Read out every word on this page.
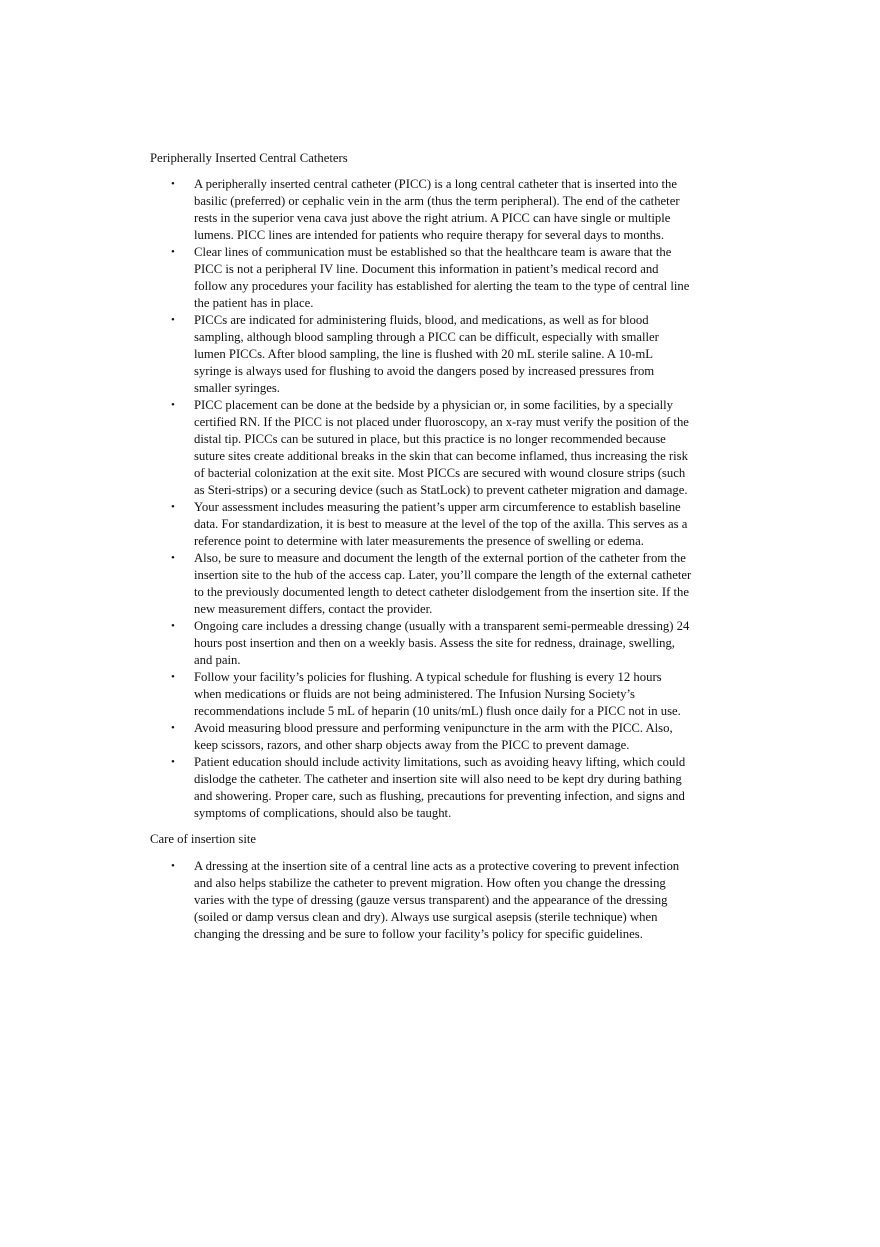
Peripherally Inserted Central Catheters
• A peripherally inserted central catheter (PICC) is a long central catheter that is inserted into the
basilic (preferred) or cephalic vein in the arm (thus the term peripheral). The end of the catheter
rests in the superior vena cava just above the right atrium. A PICC can have single or multiple
lumens. PICC lines are intended for patients who require therapy for several days to months.
• Clear lines of communication must be established so that the healthcare team is aware that the
PICC is not a peripheral IV line. Document this information in patient’s medical record and
follow any procedures your facility has established for alerting the team to the type of central line
the patient has in place.
• PICCs are indicated for administering fluids, blood, and medications, as well as for blood
sampling, although blood sampling through a PICC can be difficult, especially with smaller
lumen PICCs. After blood sampling, the line is flushed with 20 mL sterile saline. A 10-mL
syringe is always used for flushing to avoid the dangers posed by increased pressures from
smaller syringes.
• PICC placement can be done at the bedside by a physician or, in some facilities, by a specially
certified RN. If the PICC is not placed under fluoroscopy, an x-ray must verify the position of the
distal tip. PICCs can be sutured in place, but this practice is no longer recommended because
suture sites create additional breaks in the skin that can become inflamed, thus increasing the risk
of bacterial colonization at the exit site. Most PICCs are secured with wound closure strips (such
as Steri-strips) or a securing device (such as StatLock) to prevent catheter migration and damage.
• Your assessment includes measuring the patient’s upper arm circumference to establish baseline
data. For standardization, it is best to measure at the level of the top of the axilla. This serves as a
reference point to determine with later measurements the presence of swelling or edema.
• Also, be sure to measure and document the length of the external portion of the catheter from the
insertion site to the hub of the access cap. Later, you’ll compare the length of the external catheter
to the previously documented length to detect catheter dislodgement from the insertion site. If the
new measurement differs, contact the provider.
• Ongoing care includes a dressing change (usually with a transparent semi-permeable dressing) 24
hours post insertion and then on a weekly basis. Assess the site for redness, drainage, swelling,
and pain.
• Follow your facility’s policies for flushing. A typical schedule for flushing is every 12 hours
when medications or fluids are not being administered. The Infusion Nursing Society’s
recommendations include 5 mL of heparin (10 units/mL) flush once daily for a PICC not in use.
• Avoid measuring blood pressure and performing venipuncture in the arm with the PICC. Also,
keep scissors, razors, and other sharp objects away from the PICC to prevent damage.
• Patient education should include activity limitations, such as avoiding heavy lifting, which could
dislodge the catheter. The catheter and insertion site will also need to be kept dry during bathing
and showering. Proper care, such as flushing, precautions for preventing infection, and signs and
symptoms of complications, should also be taught.
Care of insertion site
• A dressing at the insertion site of a central line acts as a protective covering to prevent infection
and also helps stabilize the catheter to prevent migration. How often you change the dressing
varies with the type of dressing (gauze versus transparent) and the appearance of the dressing
(soiled or damp versus clean and dry). Always use surgical asepsis (sterile technique) when
changing the dressing and be sure to follow your facility’s policy for specific guidelines.
